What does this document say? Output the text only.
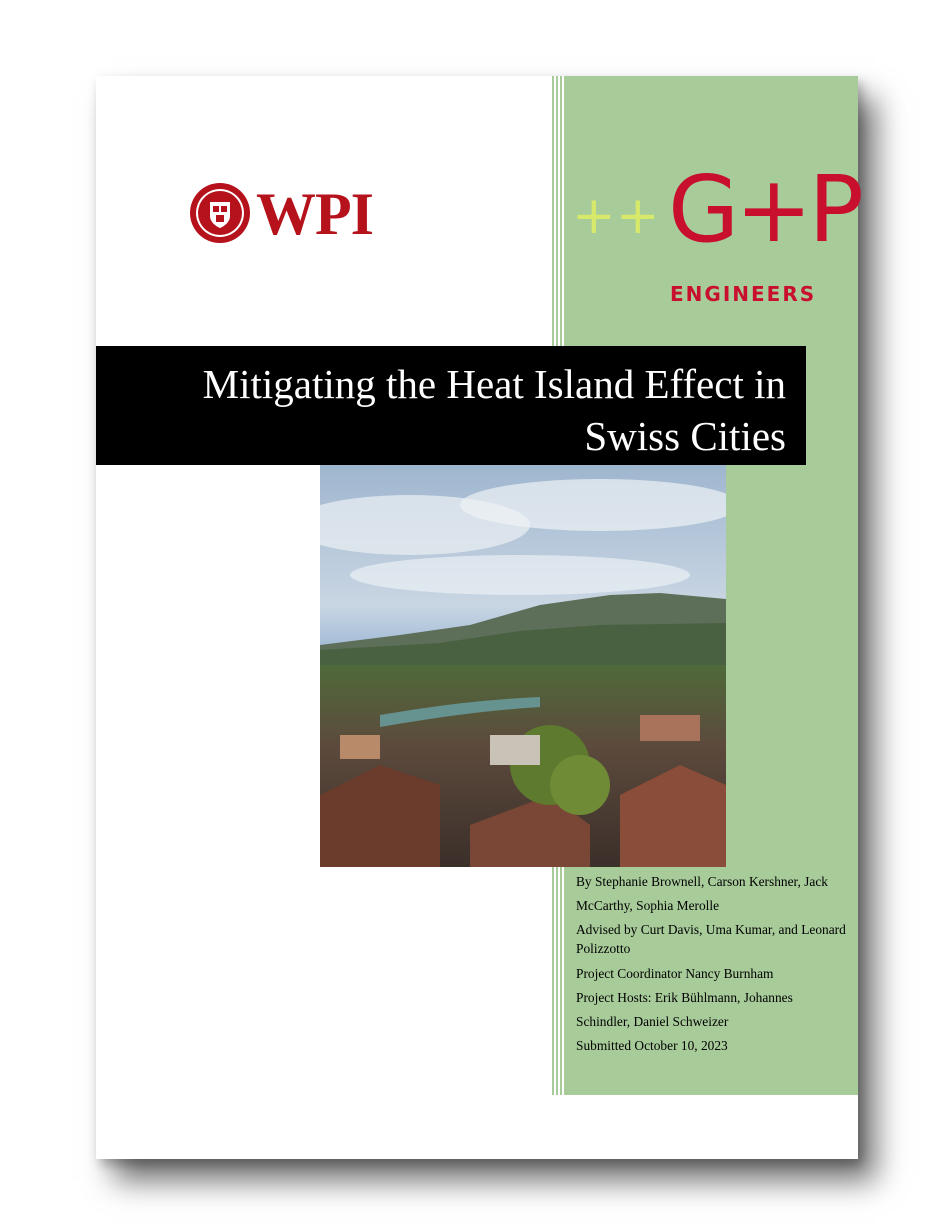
WPI	+ + G+P
ENGINEERS
Mitigating the Heat Island Effect in
Swiss Cities

By Stephanie Brownell, Carson Kershner, Jack

McCarthy, Sophia Merolle

Advised by Curt Davis, Uma Kumar, and Leonard Polizzotto

Project Coordinator Nancy Burnham

Project Hosts: Erik Bühlmann, Johannes

Schindler, Daniel Schweizer

Submitted October 10, 2023
